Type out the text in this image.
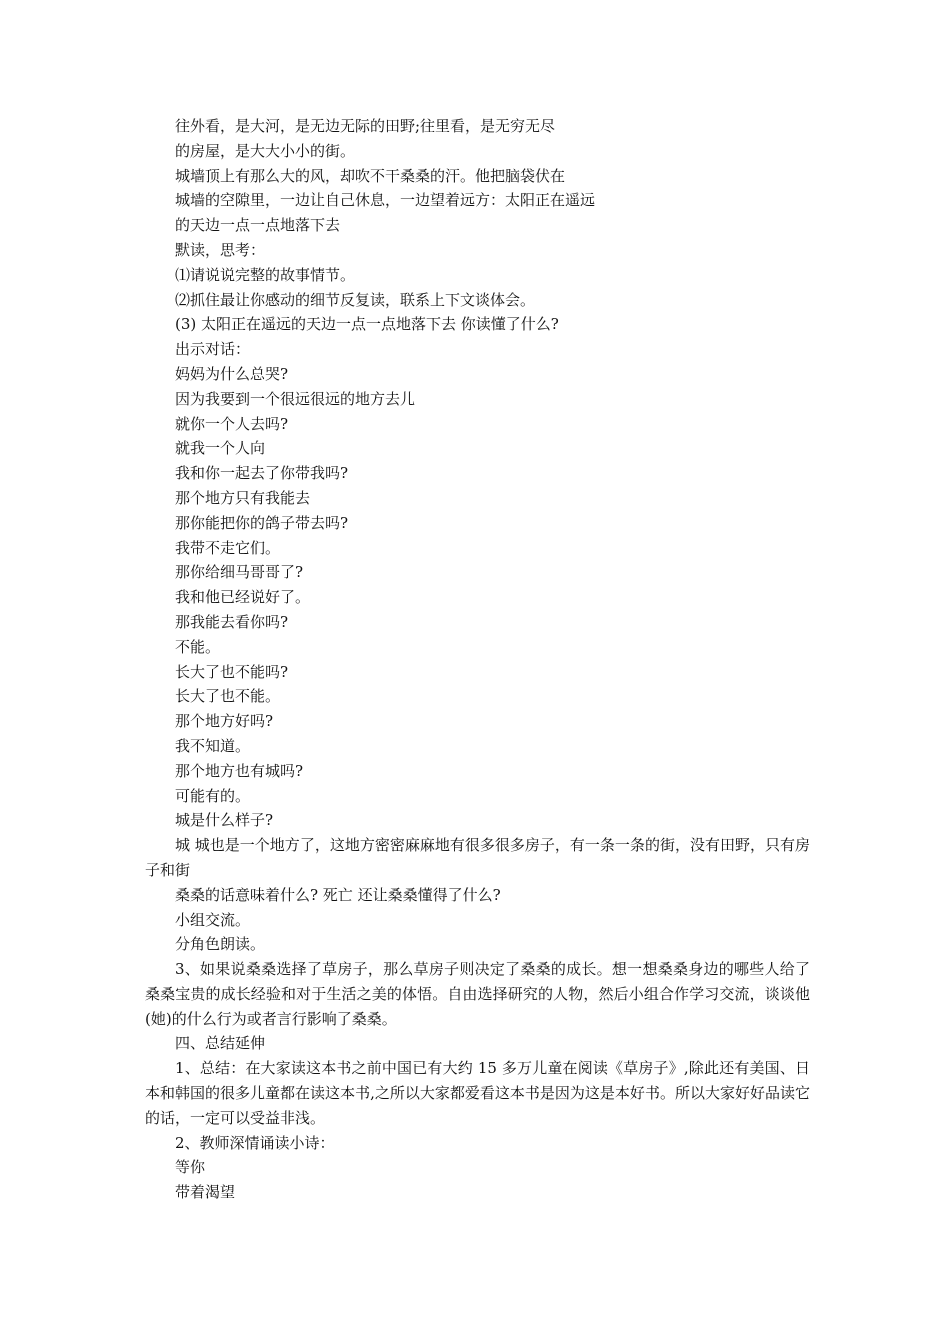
往外看，是大河，是无边无际的田野;往里看，是无穷无尽

的房屋，是大大小小的街。

城墙顶上有那么大的风，却吹不干桑桑的汗。他把脑袋伏在

城墙的空隙里，一边让自己休息，一边望着远方：太阳正在遥远

的天边一点一点地落下去

默读，思考：

⑴请说说完整的故事情节。

⑵抓住最让你感动的细节反复读，联系上下文谈体会。

(3) 太阳正在遥远的天边一点一点地落下去 你读懂了什么?

出示对话：

妈妈为什么总哭?

因为我要到一个很远很远的地方去儿

就你一个人去吗?

就我一个人向

我和你一起去了你带我吗?

那个地方只有我能去

那你能把你的鸽子带去吗?

我带不走它们。

那你给细马哥哥了?

我和他已经说好了。

那我能去看你吗?

不能。

长大了也不能吗?

长大了也不能。

那个地方好吗?

我不知道。

那个地方也有城吗?

可能有的。

城是什么样子?

城 城也是一个地方了，这地方密密麻麻地有很多很多房子，有一条一条的街，没有田野，只有房子和街

桑桑的话意味着什么? 死亡 还让桑桑懂得了什么?

小组交流。

分角色朗读。

3、如果说桑桑选择了草房子，那么草房子则决定了桑桑的成长。想一想桑桑身边的哪些人给了桑桑宝贵的成长经验和对于生活之美的体悟。自由选择研究的人物，然后小组合作学习交流，谈谈他(她)的什么行为或者言行影响了桑桑。

四、总结延伸

1、总结：在大家读这本书之前中国已有大约 15 多万儿童在阅读《草房子》,除此还有美国、日本和韩国的很多儿童都在读这本书,之所以大家都爱看这本书是因为这是本好书。所以大家好好品读它的话，一定可以受益非浅。

2、教师深情诵读小诗：

等你

带着渴望
